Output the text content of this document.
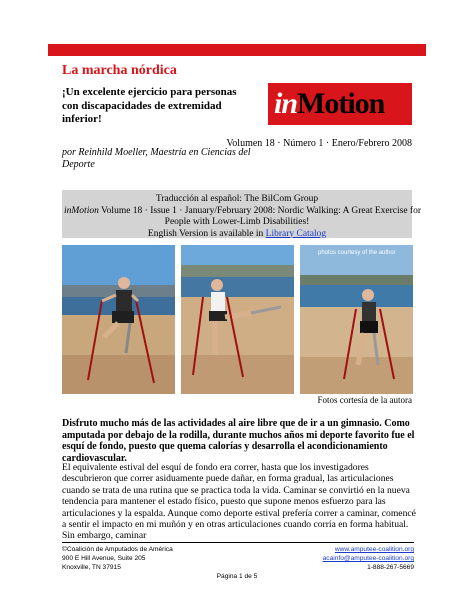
La marcha nórdica
¡Un excelente ejercicio para personas con discapacidades de extremidad inferior!
por Reinhild Moeller, Maestría en Ciencias del Deporte
inMotion
Volumen 18 · Número 1 · Enero/Febrero 2008
Traducción al español: The BilCom Group
inMotion Volume 18 · Issue 1 · January/February 2008: Nordic Walking: A Great Exercise for
People with Lower-Limb Disabilities!
English Version is available in Library Catalog
photos courtesy of the author
Fotos cortesía de la autora
Disfruto mucho más de las actividades al aire libre que de ir a un gimnasio. Como amputada por debajo de la rodilla, durante muchos años mi deporte favorito fue el esquí de fondo, puesto que quema calorías y desarrolla el acondicionamiento cardiovascular.
El equivalente estival del esquí de fondo era correr, hasta que los investigadores descubrieron que correr asiduamente puede dañar, en forma gradual, las articulaciones cuando se trata de una rutina que se practica toda la vida. Caminar se convirtió en la nueva tendencia para mantener el estado físico, puesto que supone menos esfuerzo para las articulaciones y la espalda. Aunque como deporte estival prefería correr a caminar, comencé a sentir el impacto en mi muñón y en otras articulaciones cuando corría en forma habitual. Sin embargo, caminar
©Coalición de Amputados de América
900 E Hill Avenue, Suite 205
Knoxville, TN 37915
www.amputee-coalition.org
acainfo@amputee-coalition.org
1-888-267-5669
Página 1 de 5
